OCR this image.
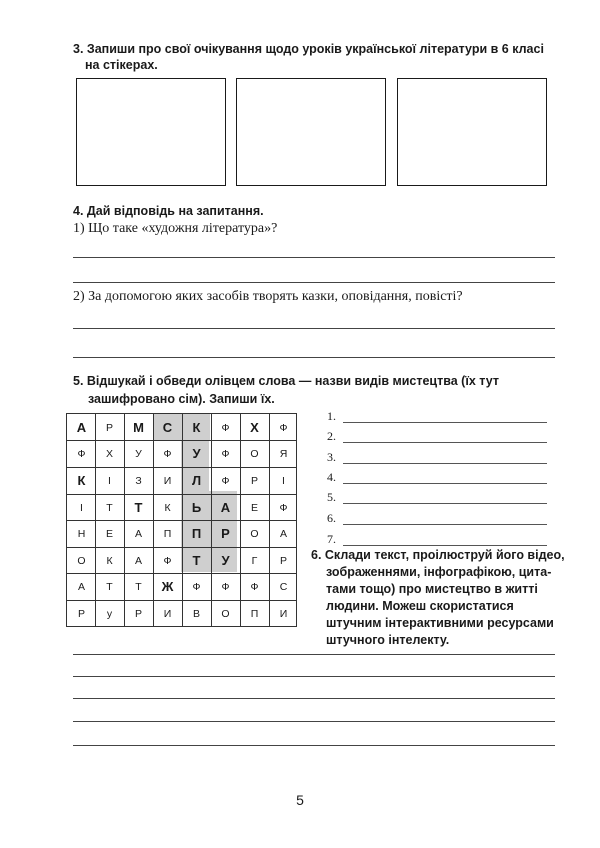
3. Запиши про свої очікування щодо уроків української літератури в 6 класі
на стікерах.
4. Дай відповідь на запитання.
1) Що таке «художня література»?
2) За допомогою яких засобів творять казки, оповідання, повісті?
5. Відшукай і обведи олівцем слова — назви видів мистецтва (їх тут
зашифровано сім). Запиши їх.
А	Р	М	С	К	Ф	Х	Ф
Ф	Х	У	Ф	У	Ф	О	Я
К	І	З	И	Л	Ф	Р	І
І	Т	Т	К	Ь	А	Е	Ф
Н	Е	А	П	П	Р	О	А
О	К	А	Ф	Т	У	Г	Р
А	Т	Т	Ж	Ф	Ф	Ф	С
Р	у	Р	И	В	О	П	И
6. Склади текст, проілюструй його відео,
зображеннями, інфографікою, цита-
тами тощо) про мистецтво в житті
людини. Можеш скористатися
штучним інтерактивними ресурсами
штучного інтелекту.
5
1.
2.
3.
4.
5.
6.
7.
